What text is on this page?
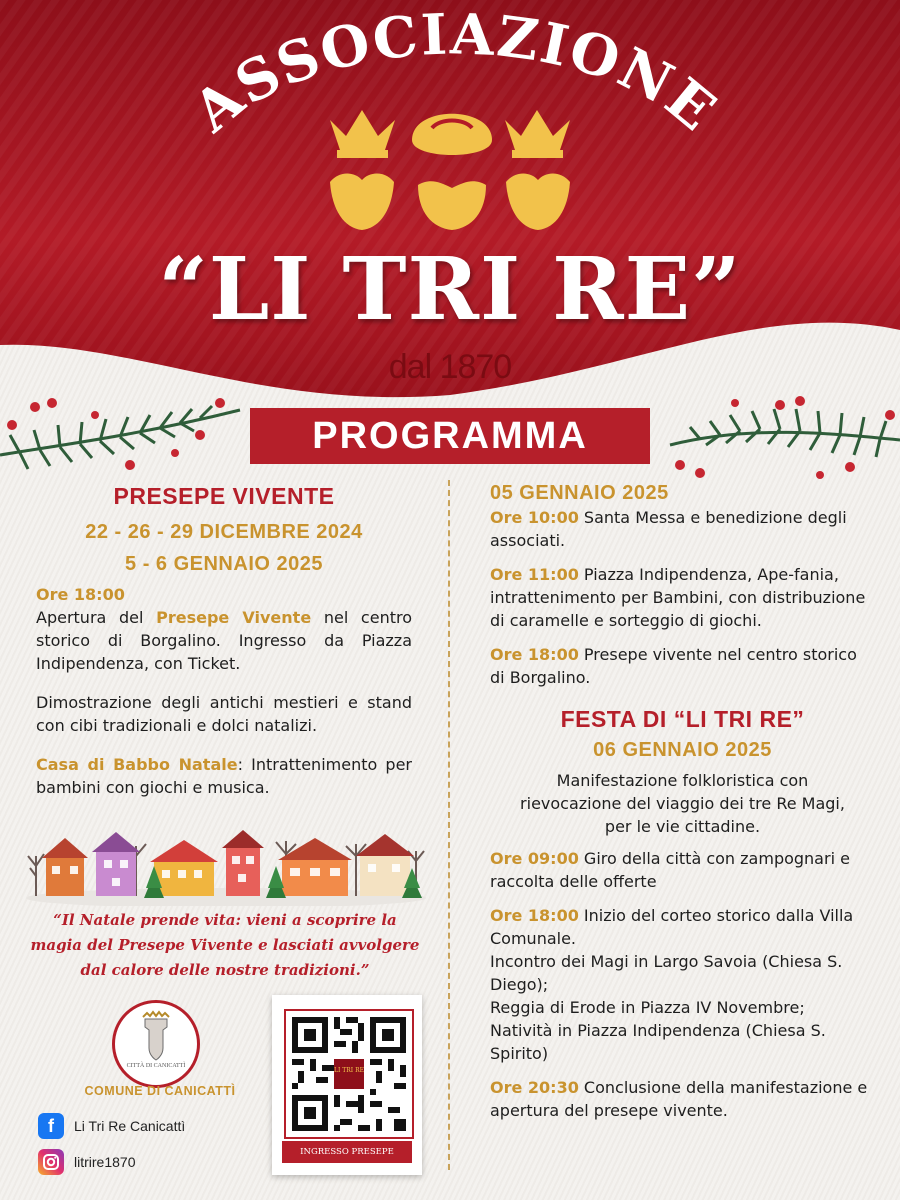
ASSOCIAZIONE
“LI TRI RE”
dal 1870
PROGRAMMA

PRESEPE VIVENTE

22 - 26 - 29 DICEMBRE 2024

5 - 6 GENNAIO 2025

Ore 18:00

Apertura del Presepe Vivente nel centro storico di Borgalino. Ingresso da Piazza Indipendenza, con Ticket.

Dimostrazione degli antichi mestieri e stand con cibi tradizionali e dolci natalizi.

Casa di Babbo Natale: Intrattenimento per bambini con giochi e musica.

“Il Natale prende vita: vieni a scoprire la magia del Presepe Vivente e lasciati avvolgere dal calore delle nostre tradizioni.”
CITTÀ DI CANICATTÌ
COMUNE DI CANICATTÌ
f	Li Tri Re Canicattì
litrire1870
LI TRI RE
INGRESSO PRESEPE

05 GENNAIO 2025

Ore 10:00 Santa Messa e benedizione degli associati.

Ore 11:00 Piazza Indipendenza, Ape-fania, intrattenimento per Bambini, con distribuzione di caramelle e sorteggio di giochi.

Ore 18:00 Presepe vivente nel centro storico di Borgalino.

FESTA DI “LI TRI RE”

06 GENNAIO 2025

Manifestazione folkloristica con rievocazione del viaggio dei tre Re Magi, per le vie cittadine.

Ore 09:00 Giro della città con zampognari e raccolta delle offerte

Ore 18:00 Inizio del corteo storico dalla Villa Comunale.

Incontro dei Magi in Largo Savoia (Chiesa S. Diego);

Reggia di Erode in Piazza IV Novembre;

Natività in Piazza Indipendenza (Chiesa S. Spirito)

Ore 20:30 Conclusione della manifestazione e apertura del presepe vivente.
